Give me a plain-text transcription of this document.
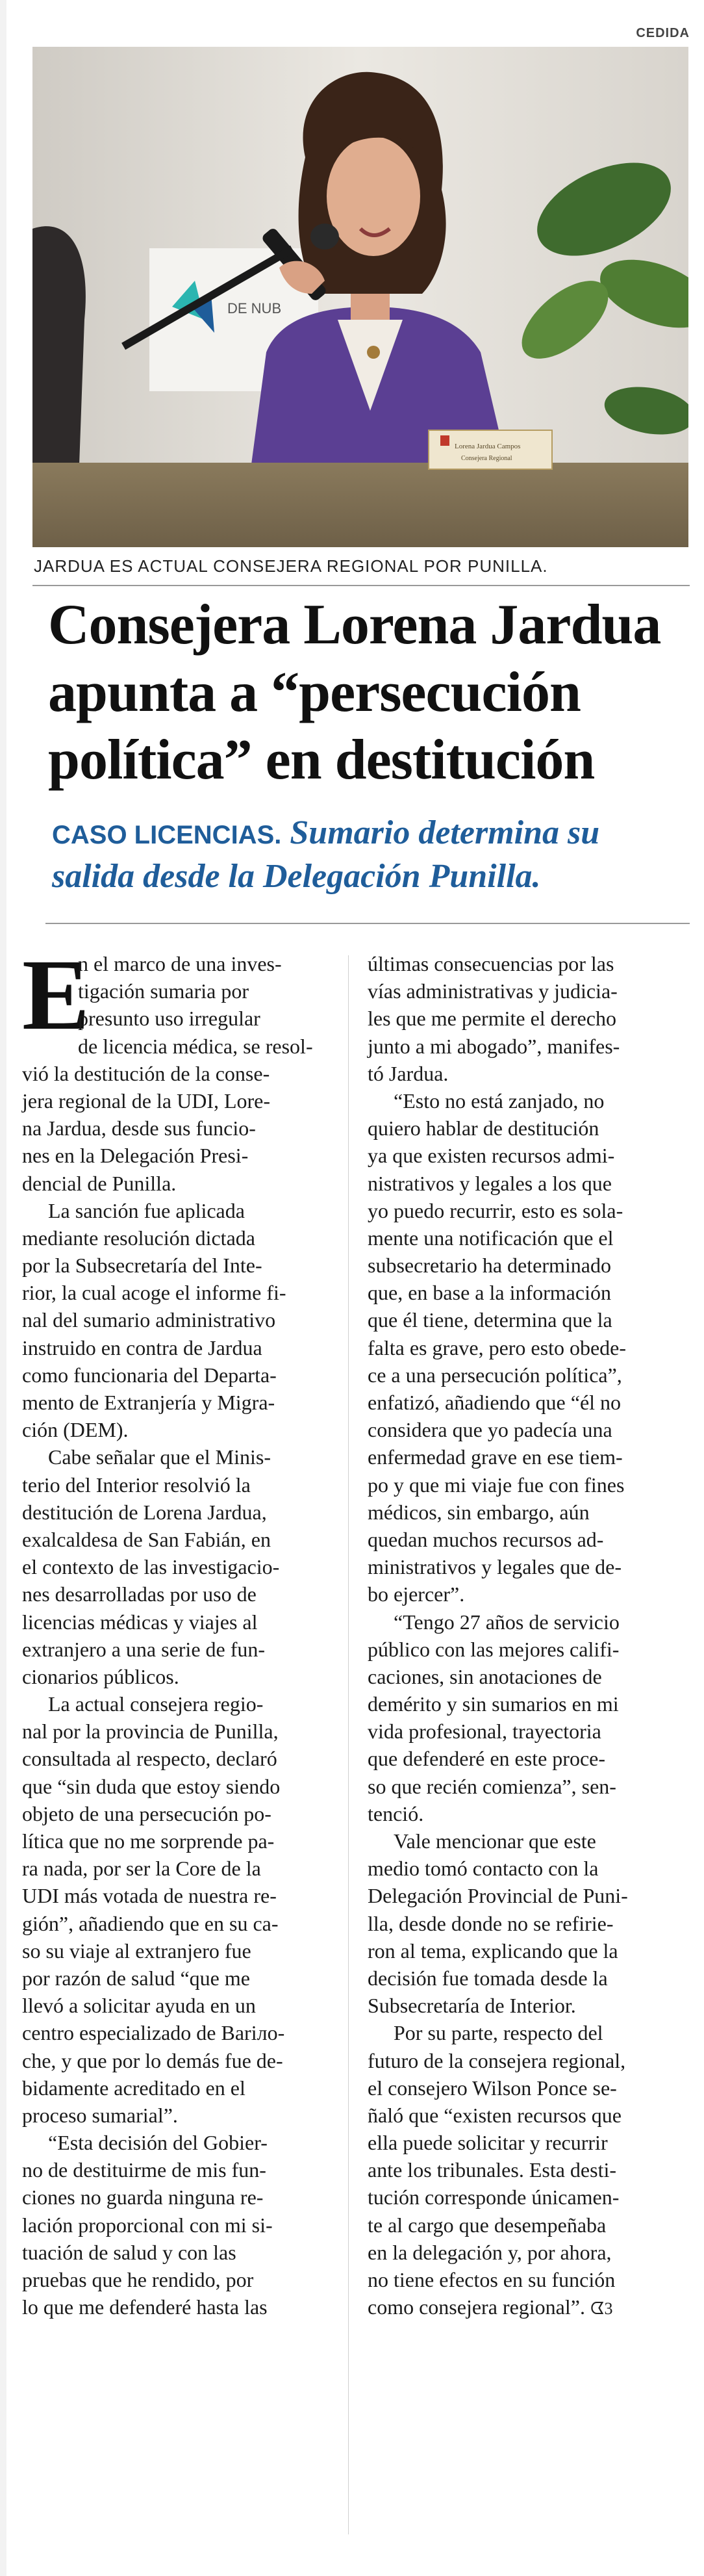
CEDIDA
DE NUB
Lorena Jardua Campos
Consejera Regional
JARDUA ES ACTUAL CONSEJERA REGIONAL POR PUNILLA.
Consejera Lorena Jardua
apunta a “persecución
política” en destitución
CASO LICENCIAS. Sumario determina su
salida desde la Delegación Punilla.
E
n el marco de una inves-
tigación sumaria por
presunto uso irregular
de licencia médica, se resol-
vió la destitución de la conse-
jera regional de la UDI, Lore-
na Jardua, desde sus funcio-
nes en la Delegación Presi-
dencial de Punilla.
La sanción fue aplicada
mediante resolución dictada
por la Subsecretaría del Inte-
rior, la cual acoge el informe fi-
nal del sumario administrativo
instruido en contra de Jardua
como funcionaria del Departa-
mento de Extranjería y Migra-
ción (DEM).
Cabe señalar que el Minis-
terio del Interior resolvió la
destitución de Lorena Jardua,
exalcaldesa de San Fabián, en
el contexto de las investigacio-
nes desarrolladas por uso de
licencias médicas y viajes al
extranjero a una serie de fun-
cionarios públicos.
La actual consejera regio-
nal por la provincia de Punilla,
consultada al respecto, declaró
que “sin duda que estoy siendo
objeto de una persecución po-
lítica que no me sorprende pa-
ra nada, por ser la Core de la
UDI más votada de nuestra re-
gión”, añadiendo que en su ca-
so su viaje al extranjero fue
por razón de salud “que me
llevó a solicitar ayuda en un
centro especializado de Bariло-
che, y que por lo demás fue de-
bidamente acreditado en el
proceso sumarial”.
“Esta decisión del Gobier-
no de destituirme de mis fun-
ciones no guarda ninguna re-
lación proporcional con mi si-
tuación de salud y con las
pruebas que he rendido, por
lo que me defenderé hasta las
últimas consecuencias por las
vías administrativas y judicia-
les que me permite el derecho
junto a mi abogado”, manifes-
tó Jardua.
“Esto no está zanjado, no
quiero hablar de destitución
ya que existen recursos admi-
nistrativos y legales a los que
yo puedo recurrir, esto es sola-
mente una notificación que el
subsecretario ha determinado
que, en base a la información
que él tiene, determina que la
falta es grave, pero esto obede-
ce a una persecución política”,
enfatizó, añadiendo que “él no
considera que yo padecía una
enfermedad grave en ese tiem-
po y que mi viaje fue con fines
médicos, sin embargo, aún
quedan muchos recursos ad-
ministrativos y legales que de-
bo ejercer”.
“Tengo 27 años de servicio
público con las mejores califi-
caciones, sin anotaciones de
demérito y sin sumarios en mi
vida profesional, trayectoria
que defenderé en este proce-
so que recién comienza”, sen-
tenció.
Vale mencionar que este
medio tomó contacto con la
Delegación Provincial de Puni-
lla, desde donde no se refirie-
ron al tema, explicando que la
decisión fue tomada desde la
Subsecretaría de Interior.
Por su parte, respecto del
futuro de la consejera regional,
el consejero Wilson Ponce se-
ñaló que “existen recursos que
ella puede solicitar y recurrir
ante los tribunales. Esta desti-
tución corresponde únicamen-
te al cargo que desempeñaba
en la delegación y, por ahora,
no tiene efectos en su función
como consejera regional”. ᗧ3
